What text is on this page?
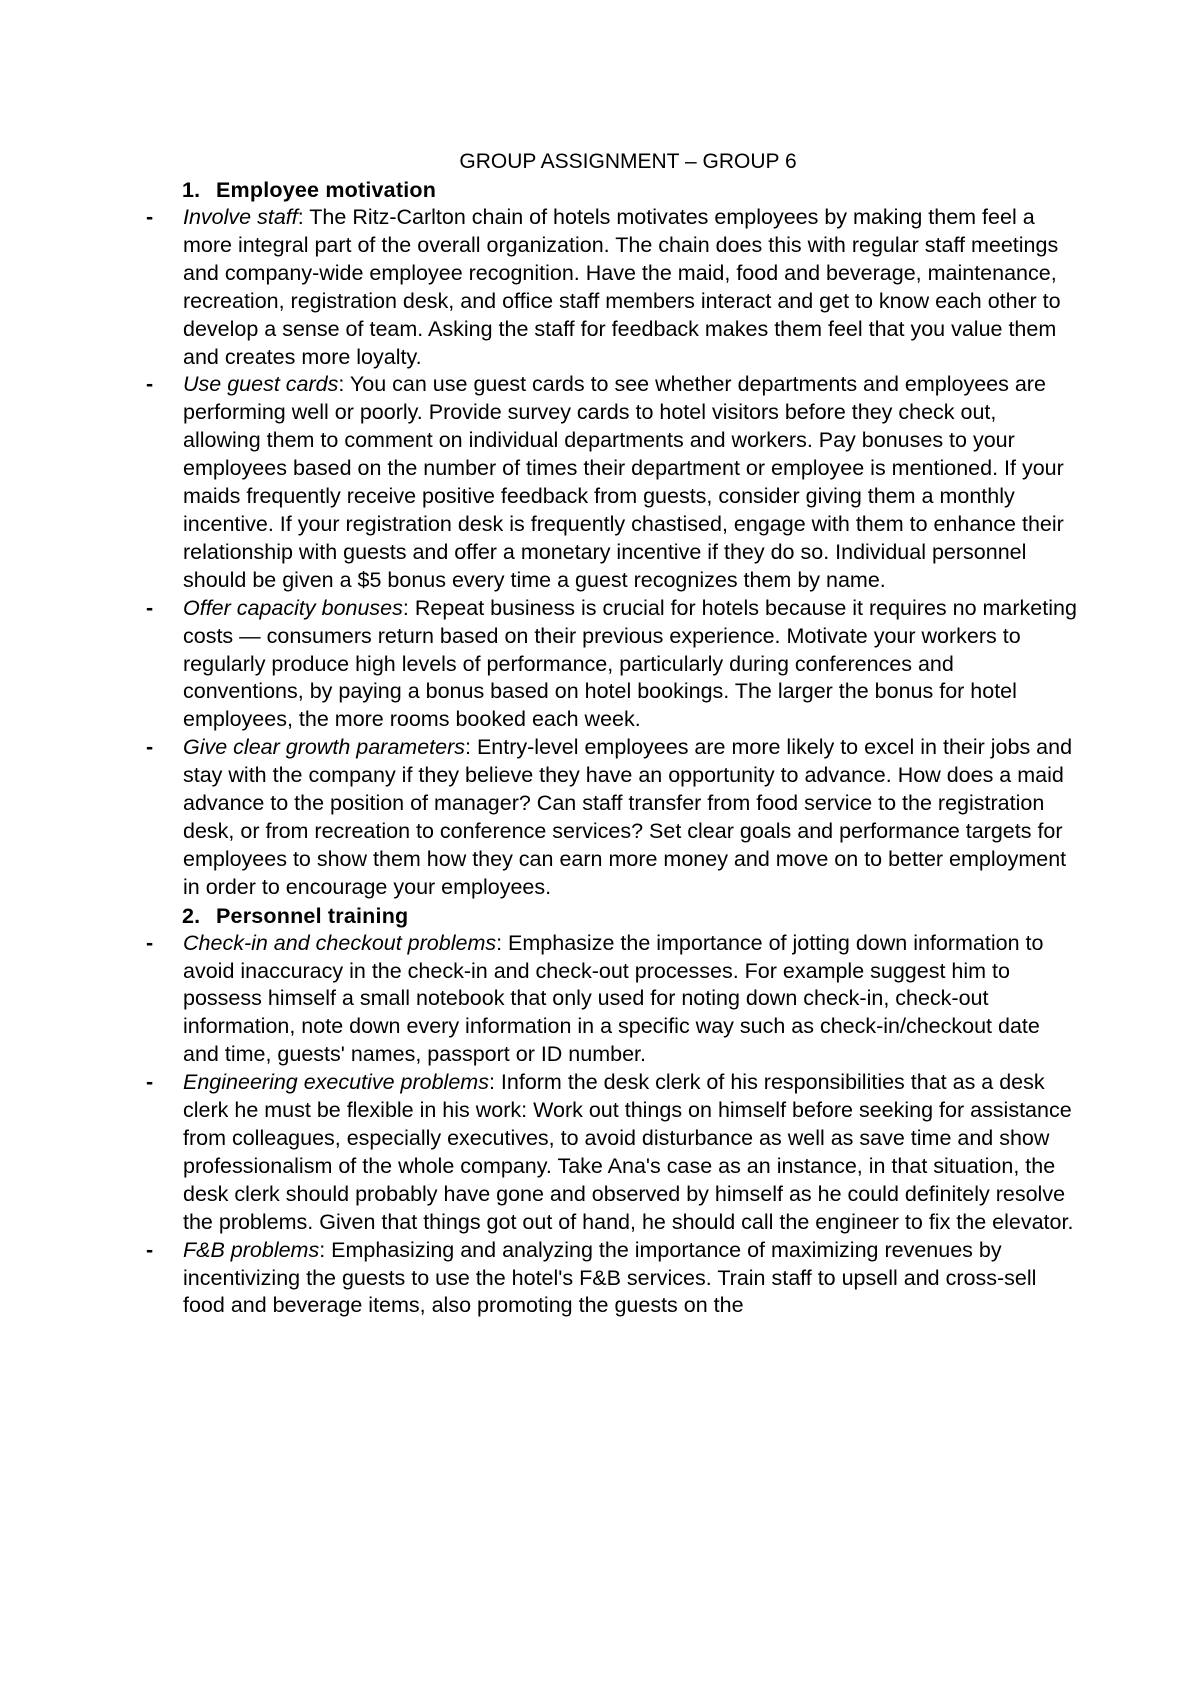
GROUP ASSIGNMENT – GROUP 6
1. Employee motivation
- Involve staff: The Ritz-Carlton chain of hotels motivates employees by making them feel a more integral part of the overall organization. The chain does this with regular staff meetings and company-wide employee recognition. Have the maid, food and beverage, maintenance, recreation, registration desk, and office staff members interact and get to know each other to develop a sense of team. Asking the staff for feedback makes them feel that you value them and creates more loyalty.
- Use guest cards: You can use guest cards to see whether departments and employees are performing well or poorly. Provide survey cards to hotel visitors before they check out, allowing them to comment on individual departments and workers. Pay bonuses to your employees based on the number of times their department or employee is mentioned. If your maids frequently receive positive feedback from guests, consider giving them a monthly incentive. If your registration desk is frequently chastised, engage with them to enhance their relationship with guests and offer a monetary incentive if they do so. Individual personnel should be given a $5 bonus every time a guest recognizes them by name.
- Offer capacity bonuses: Repeat business is crucial for hotels because it requires no marketing costs — consumers return based on their previous experience. Motivate your workers to regularly produce high levels of performance, particularly during conferences and conventions, by paying a bonus based on hotel bookings. The larger the bonus for hotel employees, the more rooms booked each week.
- Give clear growth parameters: Entry-level employees are more likely to excel in their jobs and stay with the company if they believe they have an opportunity to advance. How does a maid advance to the position of manager? Can staff transfer from food service to the registration desk, or from recreation to conference services? Set clear goals and performance targets for employees to show them how they can earn more money and move on to better employment in order to encourage your employees.
2. Personnel training
- Check-in and checkout problems: Emphasize the importance of jotting down information to avoid inaccuracy in the check-in and check-out processes. For example suggest him to possess himself a small notebook that only used for noting down check-in, check-out information, note down every information in a specific way such as check-in/checkout date and time, guests' names, passport or ID number.
- Engineering executive problems: Inform the desk clerk of his responsibilities that as a desk clerk he must be flexible in his work: Work out things on himself before seeking for assistance from colleagues, especially executives, to avoid disturbance as well as save time and show professionalism of the whole company. Take Ana's case as an instance, in that situation, the desk clerk should probably have gone and observed by himself as he could definitely resolve the problems. Given that things got out of hand, he should call the engineer to fix the elevator.
- F&B problems: Emphasizing and analyzing the importance of maximizing revenues by incentivizing the guests to use the hotel's F&B services. Train staff to upsell and cross-sell food and beverage items, also promoting the guests on the
